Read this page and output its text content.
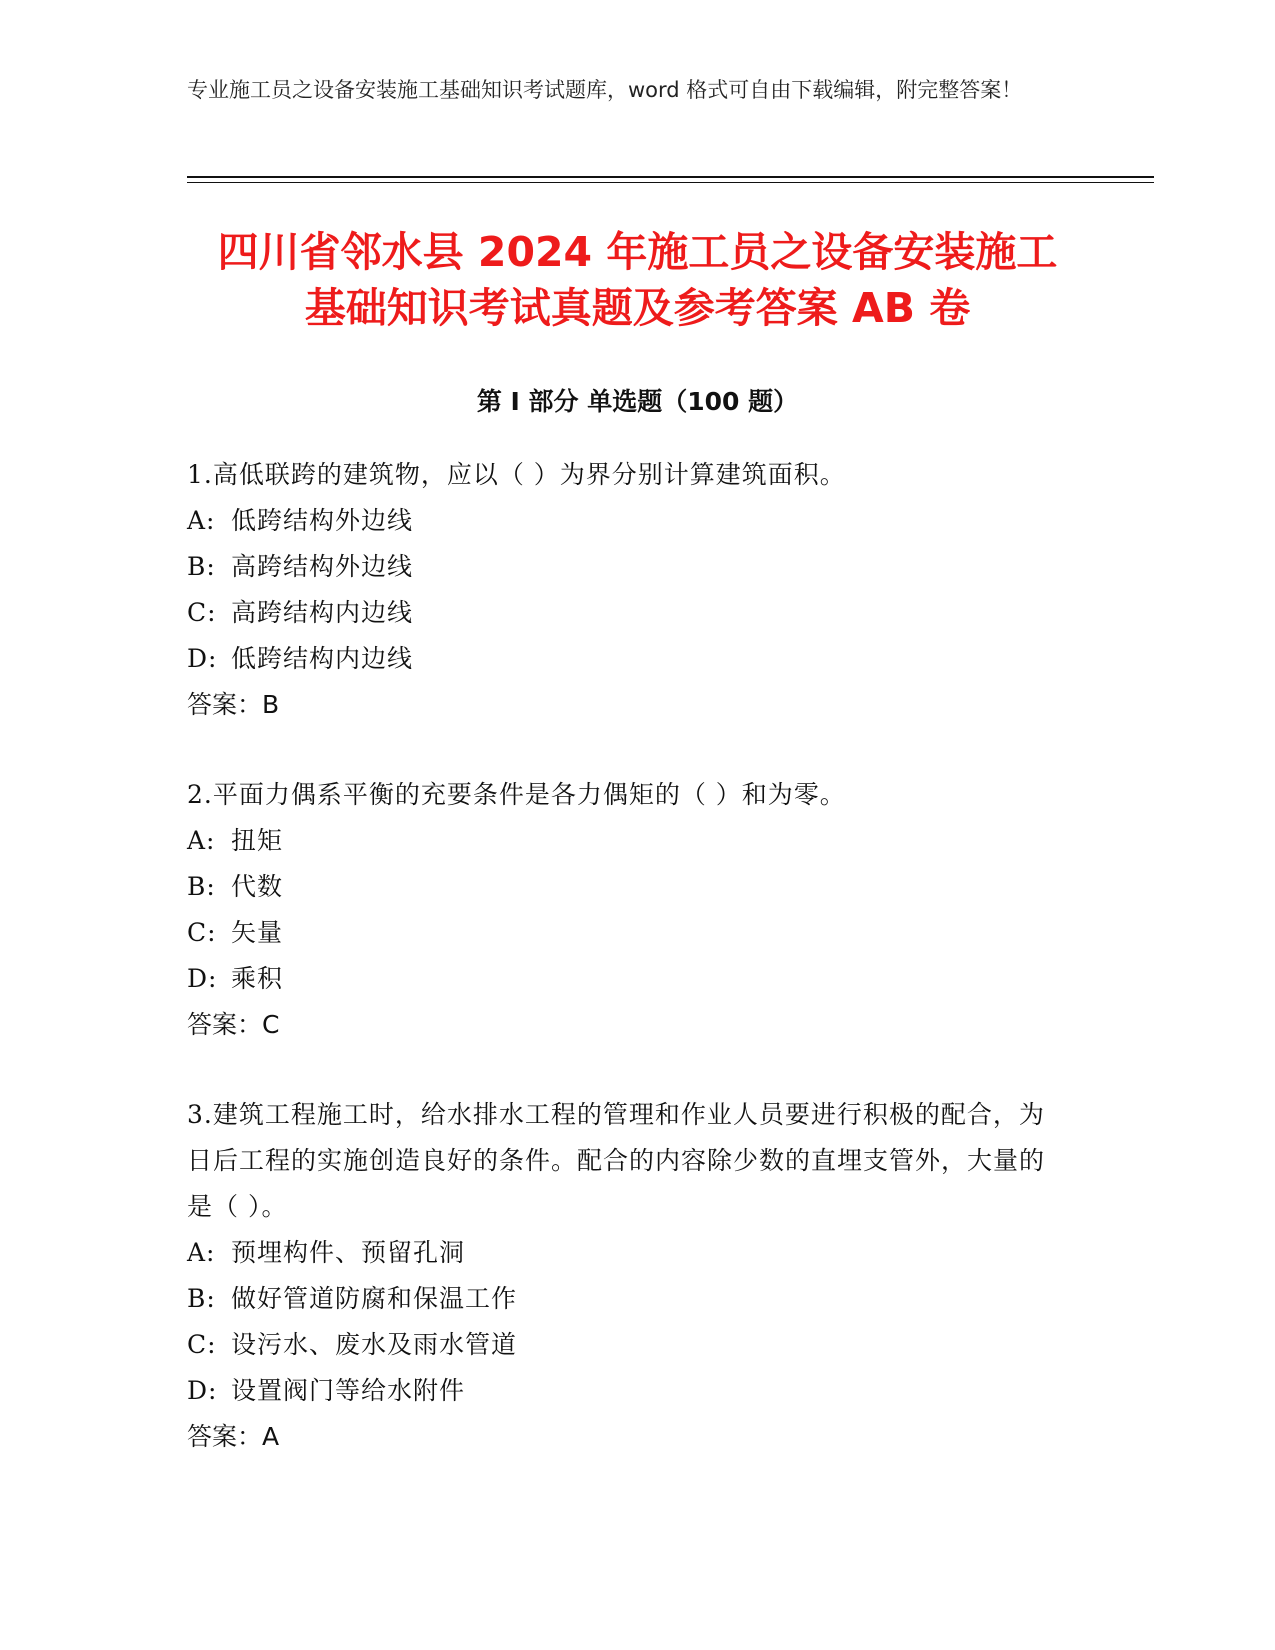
专业施工员之设备安装施工基础知识考试题库，word 格式可自由下载编辑，附完整答案！
四川省邻水县 2024 年施工员之设备安装施工
基础知识考试真题及参考答案 AB 卷
第 I 部分 单选题（100 题）

1.高低联跨的建筑物，应以（ ）为界分别计算建筑面积。

A: 低跨结构外边线

B: 高跨结构外边线

C: 高跨结构内边线

D: 低跨结构内边线

答案：B

2.平面力偶系平衡的充要条件是各力偶矩的（ ）和为零。

A: 扭矩

B: 代数

C: 矢量

D: 乘积

答案：C

3.建筑工程施工时，给水排水工程的管理和作业人员要进行积极的配合，为日后工程的实施创造良好的条件。配合的内容除少数的直埋支管外，大量的是（ ）。

A: 预埋构件、预留孔洞

B: 做好管道防腐和保温工作

C: 设污水、废水及雨水管道

D: 设置阀门等给水附件

答案：A
